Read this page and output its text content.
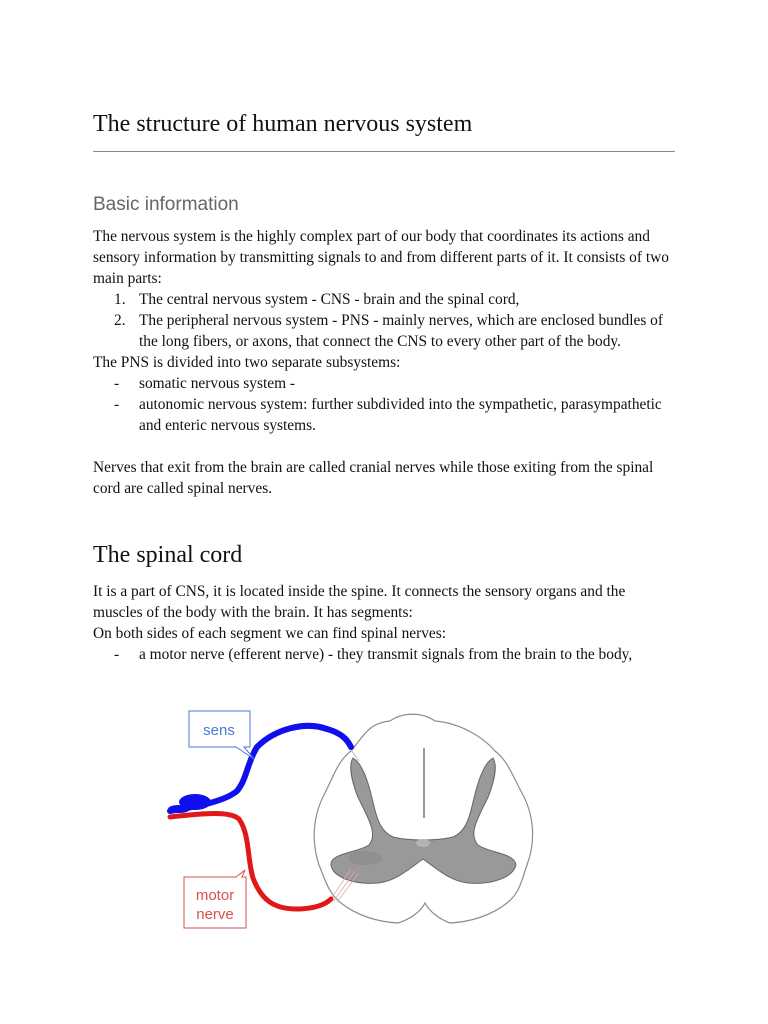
The structure of human nervous system
Basic information

The nervous system is the highly complex part of our body that coordinates its actions and sensory information by transmitting signals to and from different parts of it. It consists of two main parts:

1. The central nervous system - CNS - brain and the spinal cord,
2. The peripheral nervous system - PNS - mainly nerves, which are enclosed bundles of the long fibers, or axons, that connect the CNS to every other part of the body.

The PNS is divided into two separate subsystems:

- somatic nervous system -
- autonomic nervous system: further subdivided into the sympathetic, parasympathetic and enteric nervous systems.

Nerves that exit from the brain are called cranial nerves while those exiting from the spinal cord are called spinal nerves.

The spinal cord

It is a part of CNS, it is located inside the spine. It connects the sensory organs and the muscles of the body with the brain. It has segments:

On both sides of each segment we can find spinal nerves:

- a motor nerve (efferent nerve) - they transmit signals from the brain to the body,
sens
motor
nerve
